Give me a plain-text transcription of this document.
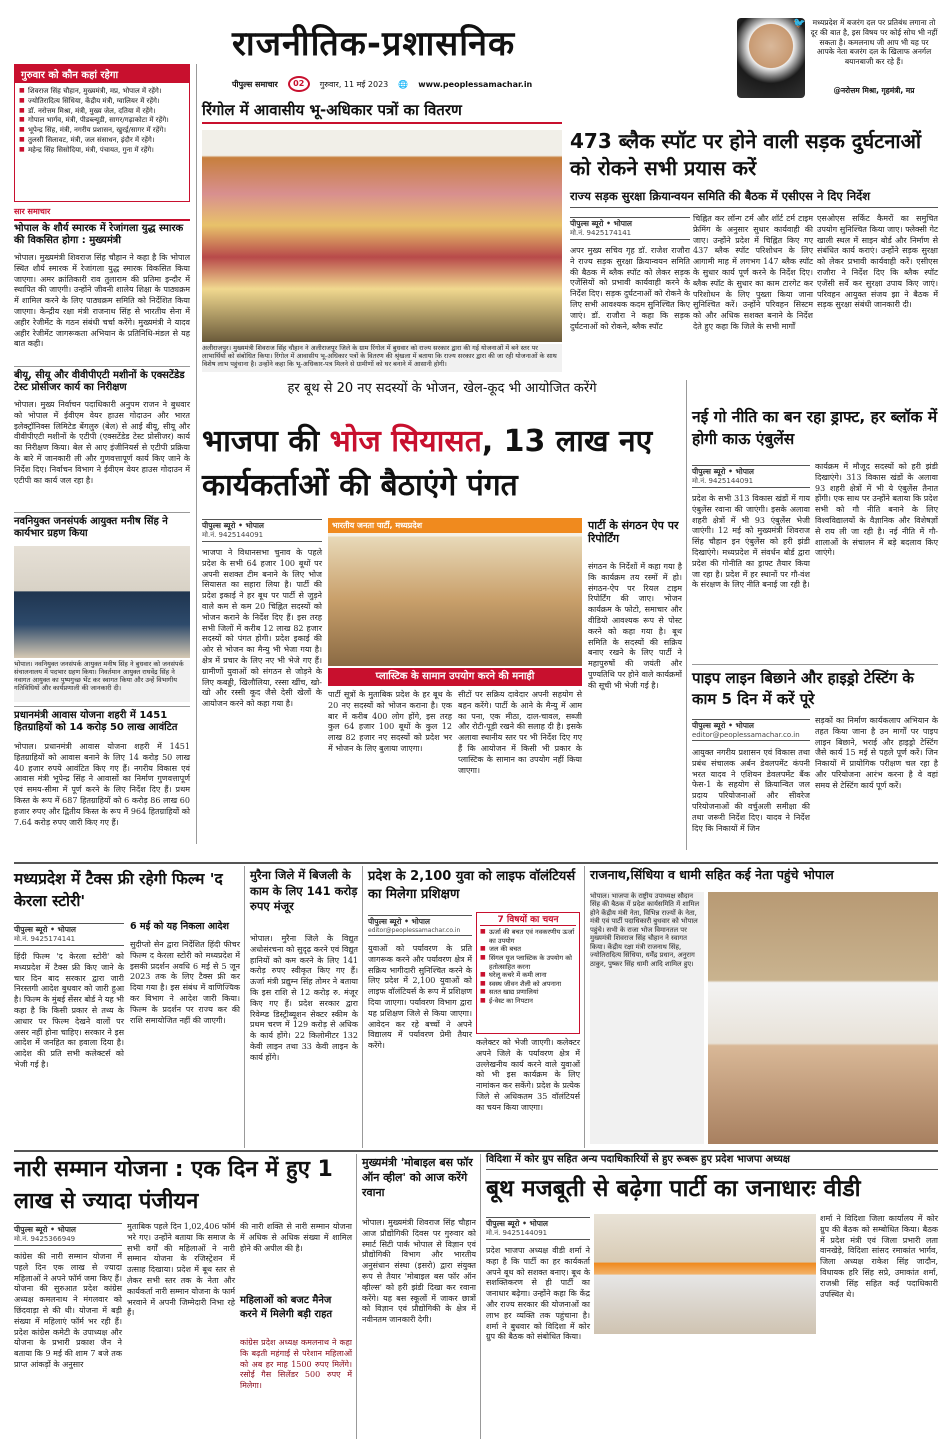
राजनीतिक-प्रशासनिक
पीपुल्स समाचार	02	गुरुवार, 11 मई 2023 🌐 www.peoplessamachar.in
🐦 मध्यप्रदेश में बजरंग दल पर प्रतिबंध लगाना तो दूर की बात है, इस विषय पर कोई सोच भी नहीं सकता है। कमलनाथ जी आप भी यह पर आपके नेता बजरंग दल के खिलाफ अनर्गल बयानबाजी कर रहे हैं।
@नरोत्तम मिश्रा, गृहमंत्री, मप्र
गुरुवार को कौन कहां रहेगा
■ शिवराज सिंह चौहान, मुख्यमंत्री, मप्र, भोपाल में रहेंगे।
■ ज्योतिरादित्य सिंधिया, केंद्रीय मंत्री, ग्वालियर में रहेंगे।
■ डॉ. नरोत्तम मिश्रा, मंत्री, मुख्य जेल, दतिया में रहेंगे।
■ गोपाल भार्गव, मंत्री, पीडब्ल्यूडी, सागर/गढ़ाकोटा में रहेंगे।
■ भूपेन्द्र सिंह, मंत्री, नगरीय प्रशासन, खुरई/सागर में रहेंगे।
■ तुलसी सिलावट, मंत्री, जल संसाधन, इंदौर में रहेंगे।
■ महेन्द्र सिंह सिसोदिया, मंत्री, पंचायत, गुना में रहेंगे।
सार समाचार
भोपाल के शौर्य स्मारक में रेजांगला युद्ध स्मारक की विकसित होगा : मुख्यमंत्री
भोपाल। मुख्यमंत्री शिवराज सिंह चौहान ने कहा है कि भोपाल स्थित शौर्य स्मारक में रेजांगला युद्ध स्मारक विकसित किया जाएगा। अमर क्रांतिकारी राव तुलाराम की प्रतिमा इन्दौर में स्थापित की जाएगी। उन्होंने जीवनी शालेय शिक्षा के पाठ्यक्रम में शामिल करने के लिए पाठ्यक्रम समिति को निर्देशित किया जाएगा। केन्द्रीय रक्षा मंत्री राजनाथ सिंह से भारतीय सेना में अहीर रेजीमेंट के गठन संबंधी चर्चा करेंगे। मुख्यमंत्री ने यादव अहीर रेजीमेंट जागरूकता अभियान के प्रतिनिधि-मंडल से यह बात कही।
बीयू, सीयू और वीवीपीएटी मशीनों के एक्सटेंडेड टेस्ट प्रोसीजर कार्य का निरीक्षण
भोपाल। मुख्य निर्वाचन पदाधिकारी अनुपम राजन ने बुधवार को भोपाल में ईवीएम वेयर हाउस गोदाउन और भारत इलेक्ट्रॉनिक्स लिमिटेड बेंगलुरु (बेल) से आईं बीयू, सीयू और वीवीपीएटी मशीनों के एटीपी (एक्सटेंडेड टेस्ट प्रोसीजर) कार्य का निरीक्षण किया। बेल से आए इंजीनियर्स से एटीपी प्रक्रिया के बारे में जानकारी ली और गुणवत्तापूर्ण कार्य किए जाने के निर्देश दिए। निर्वाचन विभाग ने ईवीएम वेयर हाउस गोदाउन में एटीपी का कार्य जल रहा है।
नवनियुक्त जनसंपर्क आयुक्त मनीष सिंह ने कार्यभार ग्रहण किया
भोपाल। नवनियुक्त जनसंपर्क आयुक्त मनीष सिंह ने बुधवार को जनसंपर्क संचालनालय में पदभार ग्रहण किया। निवर्तमान आयुक्त राघवेंद्र सिंह ने नवागत आयुक्त का पुष्पगुच्छ भेंट कर स्वागत किया और उन्हें विभागीय गतिविधियों और कार्यप्रणाली की जानकारी दी।
प्रधानमंत्री आवास योजना शहरी में 1451 हितग्राहियों को 14 करोड़ 50 लाख आवंटित
भोपाल। प्रधानमंत्री आवास योजना शहरी में 1451 हितग्राहियों को आवास बनाने के लिए 14 करोड़ 50 लाख 40 हजार रुपये आवंटित किए गए हैं। नगरीय विकास एवं आवास मंत्री भूपेन्द्र सिंह ने आवासों का निर्माण गुणवत्तापूर्ण एवं समय-सीमा में पूर्ण करने के लिए निर्देश दिए हैं। प्रथम किस्त के रूप में 687 हितग्राहियों को 6 करोड़ 86 लाख 60 हजार रुपए और द्वितीय किस्त के रूप में 964 हितग्राहियों को 7.64 करोड़ रुपए जारी किए गए हैं।
रिंगोल में आवासीय भू-अधिकार पत्रों का वितरण
अलीराजपुर। मुख्यमंत्री शिवराज सिंह चौहान ने अलीराजपुर जिले के ग्राम रिंगोल में बुधवार को राज्य सरकार द्वारा की गई योजनाओं में बने स्तर पर लाभार्थियों को संबोधित किया। रिंगोल में आवासीय भू-अधिकार पत्रों के वितरण की श्रृंखला में बताया कि राज्य सरकार द्वारा की जा रही योजनाओं के साथ विशेष लाभ पहुंचाना है। उन्होंने कहा कि भू-अधिकार-पत्र मिलने से ग्रामीणों को घर बनाने में आसानी होगी।
473 ब्लैक स्पॉट पर होने वाली सड़क दुर्घटनाओं को रोकने सभी प्रयास करें
राज्य सड़क सुरक्षा क्रियान्वयन समिति की बैठक में एसीएस ने दिए निर्देश
पीपुल्स ब्यूरो • भोपाल
मो.नं. 9425174141
अपर मुख्य सचिव गृह डॉ. राजेश राजौरा ने राज्य सड़क सुरक्षा क्रियान्वयन समिति की बैठक में ब्लैक स्पॉट को लेकर सड़क एजेंसियों को प्रभावी कार्यवाही करने के निर्देश दिए। सड़क दुर्घटनाओं को रोकने के लिए सभी आवश्यक कदम सुनिश्चित किए जाएं। डॉ. राजौरा ने कहा कि सड़क दुर्घटनाओं को रोकने, ब्लैक स्पॉट
चिह्नित कर लॉन्ग टर्म और शॉर्ट टर्म टाइम फ्रेमिंग के अनुसार सुधार कार्यवाही की जाए। उन्होंने प्रदेश में चिह्नित किए गए 437 ब्लैक स्पॉट परिशोधन के लिए आगामी माह में लगभग 147 ब्लैक स्पॉट के सुधार कार्य पूर्ण करने के निर्देश दिए। ब्लैक स्पॉट के सुधार का काम टारगेट कर परिशोधन के लिए पुख्ता किया जाना सुनिश्चित करें। उन्होंने परिवहन सिस्टम को और अधिक सशक्त बनाने के निर्देश देते हुए कहा कि जिले के सभी मार्गों
एसओएस सर्किट कैमरों का समुचित उपयोग सुनिश्चित किया जाए। फ्लेक्सी गेट खाली स्थल में साइन बोर्ड और निर्माण से संबंधित कार्य कराएं। उन्होंने सड़क सुरक्षा को लेकर प्रभावी कार्यवाही करें। एसीएस राजौरा ने निर्देश दिए कि ब्लैक स्पॉट एजेंसी सर्वे कर सुरक्षा उपाय किए जाएं। परिवहन आयुक्त संजय झा ने बैठक में सड़क सुरक्षा संबंधी जानकारी दी।
हर बूथ से 20 नए सदस्यों के भोजन, खेल-कूद भी आयोजित करेंगे
भाजपा की भोज सियासत, 13 लाख नए कार्यकर्ताओं की बैठाएंगे पंगत
पीपुल्स ब्यूरो • भोपाल
मो.नं. 9425144091
भाजपा ने विधानसभा चुनाव के पहले प्रदेश के सभी 64 हजार 100 बूथों पर अपनी सशक्त टीम बनाने के लिए भोज सियासत का सहारा लिया है। पार्टी की प्रदेश इकाई ने हर बूथ पर पार्टी से जुड़ने वाले कम से कम 20 चिह्नित सदस्यों को भोजन कराने के निर्देश दिए हैं। इस तरह सभी जिलों में करीब 12 लाख 82 हजार सदस्यों को पंगत होगी। प्रदेश इकाई की ओर से भोजन का मैन्यु भी भेजा गया है। क्षेत्र में प्रचार के लिए नए भी भेजे गए हैं। ग्रामीणों युवाओं को संगठन से जोड़ने के लिए कबड्डी, खिलौलिया, रस्सा खींच, खो-खो और रस्सी कूद जैसे देसी खेलों के आयोजन करने को कहा गया है।
भारतीय जनता पार्टी, मध्यप्रदेश
प्लास्टिक के सामान उपयोग करने की मनाही
पार्टी सूत्रों के मुताबिक प्रदेश के हर बूथ के 20 नए सदस्यों को भोजन कराना है। एक बार में करीब 400 लोग होंगे, इस तरह कुल 64 हजार 100 बूथों के कुल 12 लाख 82 हजार नए सदस्यों को प्रदेश भर में भोजन के लिए बुलाया जाएगा।
सीटों पर सक्रिय दावेदार अपनी सहयोग से बहन करेंगे। पार्टी के आने के मैन्यु में आम का पना, एक मीठा, दाल-चावल, सब्जी और रोटी-पूड़ी रखने की सलाह दी है। इसके अलावा स्थानीय स्तर पर भी निर्देश दिए गए हैं कि आयोजन में किसी भी प्रकार के प्लास्टिक के सामान का उपयोग नहीं किया जाएगा।
पार्टी के संगठन ऐप पर रिपोर्टिंग
संगठन के निर्देशों में कहा गया है कि कार्यक्रम तय रस्मों में हो। संगठन-ऐप पर रियल टाइम रिपोर्टिंग की जाए। भोजन कार्यक्रम के फोटो, समाचार और वीडियो आवश्यक रूप से पोस्ट करने को कहा गया है। बूथ समिति के सदस्यों की सक्रिय बनाए रखने के लिए पार्टी ने महापुरुषों की जयंती और पुण्यतिथि पर होने वाले कार्यक्रमों की सूची भी भेजी गई है।
नई गो नीति का बन रहा ड्राफ्ट, हर ब्लॉक में होगी काऊ एंबुलेंस
पीपुल्स ब्यूरो • भोपाल
मो.नं. 9425144091
प्रदेश के सभी 313 विकास खंडों में गाय एंबुलेंस रवाना की जाएंगी। इसके अलावा शहरी क्षेत्रों में भी 93 एंबुलेंस भेजी जाएंगी। 12 मई को मुख्यमंत्री शिवराज सिंह चौहान इन एंबुलेंस को हरी झंडी दिखाएंगे। मध्यप्रदेश में संवर्धन बोर्ड द्वारा प्रदेश की गोनीति का ड्राफ्ट तैयार किया जा रहा है। प्रदेश में हर स्थानों पर गौ-वंश के संरक्षण के लिए नीति बनाई जा रही है।
कार्यक्रम में मौजूद सदस्यों को हरी झंडी दिखाएंगे। 313 विकास खंडों के अलावा 93 शहरी क्षेत्रों में भी ये एंबुलेंस तैनात होंगी। एक साथ पर उन्होंने बताया कि प्रदेश सभी को गौ नीति बनाने के लिए विश्वविद्यालयों के वैज्ञानिक और विशेषज्ञों से राय ली जा रही है। नई नीति में गौ-शालाओं के संचालन में बड़े बदलाव किए जाएंगे।
पाइप लाइन बिछाने और हाइड्रो टेस्टिंग के काम 5 दिन में करें पूरे
पीपुल्स ब्यूरो • भोपाल
editor@peoplessamachar.co.in
आयुक्त नगरीय प्रशासन एवं विकास तथा प्रबंध संचालक अर्बन डेवलपमेंट कंपनी भरत यादव ने एशियन डेवलपमेंट बैंक फेस-1 के सहयोग से क्रियान्वित जल प्रदाय परियोजनाओं और सीवरेज परियोजनाओं की वर्चुअली समीक्षा की तथा जरूरी निर्देश दिए। यादव ने निर्देश दिए कि निकायों में जिन
सड़कों का निर्माण कार्यकलाप अभियान के तहत किया जाना है उन मार्गों पर पाइप लाइन बिछाने, भराई और हाइड्रो टेस्टिंग जैसे कार्य 15 मई से पहले पूर्ण करें। जिन निकायों में प्रायोगिक परीक्षण चल रहा है और परियोजना आरंभ करना है वे वहां समय से टेस्टिंग कार्य पूर्ण करें।
मध्यप्रदेश में टैक्स फ्री रहेगी फिल्म 'द केरला स्टोरी'
पीपुल्स ब्यूरो • भोपाल
मो.नं. 9425174141
हिंदी फिल्म 'द केरला स्टोरी' को मध्यप्रदेश में टैक्स फ्री किए जाने के चार दिन बाद सरकार द्वारा जारी निरस्तगी आदेश बुधवार को जारी हुआ है। फिल्म के मुंबई सेंसर बोर्ड ने यह भी कहा है कि किसी प्रकार से तथ्य के आधार पर फिल्म देखने वालों पर असर नहीं होना चाहिए। सरकार ने इस आदेश में जनहित का हवाला दिया है। आदेश की प्रति सभी कलेक्टर्स को भेजी गई है।
6 मई को यह निकला आदेश
सुदीप्तो सेन द्वारा निर्देशित हिंदी फीचर फिल्म द केरला स्टोरी को मध्यप्रदेश में इसकी प्रदर्शन अवधि 6 मई से 5 जून 2023 तक के लिए टैक्स फ्री कर दिया गया है। इस संबंध में वाणिज्यिक कर विभाग ने आदेश जारी किया। फिल्म के प्रदर्शन पर राज्य कर की राशि समायोजित नहीं की जाएगी।
मुरैना जिले में बिजली के काम के लिए 141 करोड़ रुपए मंजूर
भोपाल। मुरैना जिले के विद्युत अधोसंरचना को सुदृढ़ करने एवं विद्युत हानियों को कम करने के लिए 141 करोड़ रुपए स्वीकृत किए गए हैं। ऊर्जा मंत्री प्रद्युम्न सिंह तोमर ने बताया कि इस राशि से 12 करोड़ रु. मंजूर किए गए हैं। प्रदेश सरकार द्वारा रिवेम्प्ड डिस्ट्रीब्यूशन सेक्टर स्कीम के प्रथम चरण में 129 करोड़ से अधिक के कार्य होंगे। 22 किलोमीटर 132 केवी लाइन तथा 33 केवी लाइन के कार्य होंगे।
प्रदेश के 2,100 युवा को लाइफ वॉलंटियर्स का मिलेगा प्रशिक्षण
पीपुल्स ब्यूरो • भोपाल
editor@peoplessamachar.co.in
युवाओं को पर्यावरण के प्रति जागरूक करने और पर्यावरण क्षेत्र में सक्रिय भागीदारी सुनिश्चित करने के लिए प्रदेश में 2,100 युवाओं को लाइफ वॉलंटियर्स के रूप में प्रशिक्षण दिया जाएगा। पर्यावरण विभाग द्वारा यह प्रशिक्षण जिले से किया जाएगा। आवेदन कर रहे बच्चों ने अपने विद्यालय में पर्यावरण प्रेमी तैयार करेंगे।
7 विषयों का चयन
■ ऊर्जा की बचत एवं नवकरणीय ऊर्जा का उपयोग
■ जल की बचत
■ सिंगल यूज प्लास्टिक के उपयोग को हतोत्साहित करना
■ घरेलू कचरे में कमी लाना
■ स्वस्थ जीवन शैली को अपनाना
■ सतत खाद्य प्रणालियां
■ ई-वेस्ट का निपटान
कलेक्टर को भेजी जाएगी। कलेक्टर अपने जिले के पर्यावरण क्षेत्र में उल्लेखनीय कार्य करने वाले युवाओं को भी इस कार्यक्रम के लिए नामांकन कर सकेंगे। प्रदेश के प्रत्येक जिले से अधिकतम 35 वॉलंटियर्स का चयन किया जाएगा।
राजनाथ,सिंधिया व धामी सहित कई नेता पहुंचे भोपाल
भोपाल। भाजपा के राष्ट्रीय उपाध्यक्ष सौदान सिंह की बैठक में प्रदेश कार्यसमिति में शामिल होने केंद्रीय मंत्री नेता, विभिन्न राज्यों के नेता, मंत्री एवं पार्टी पदाधिकारी बुधवार को भोपाल पहुंचे। सभी के राजा भोज विमानतल पर मुख्यमंत्री शिवराज सिंह चौहान ने स्वागत किया। केंद्रीय रक्षा मंत्री राजनाथ सिंह, ज्योतिरादित्य सिंधिया, धर्मेंद्र प्रधान, अनुराग ठाकुर, पुष्कर सिंह धामी आदि शामिल हुए।
नारी सम्मान योजना : एक दिन में हुए 1 लाख से ज्यादा पंजीयन
पीपुल्स ब्यूरो • भोपाल
मो.नं. 9425366949
कांग्रेस की नारी सम्मान योजना में पहले दिन एक लाख से ज्यादा महिलाओं ने अपने फॉर्म जमा किए हैं। योजना की सुरुआत प्रदेश कांग्रेस अध्यक्ष कमलनाथ ने मंगलवार को छिंदवाड़ा से की थी। योजना में बड़ी संख्या में महिलाएं फॉर्म भर रही हैं। प्रदेश कांग्रेस कमेटी के उपाध्यक्ष और योजना के प्रभारी प्रकाश जैन ने बताया कि 9 मई की शाम 7 बजे तक प्राप्त आंकड़ों के अनुसार
मुताबिक पहले दिन 1,02,406 फॉर्म भरे गए। उन्होंने बताया कि समाज के सभी वर्गों की महिलाओं ने नारी सम्मान योजना के रजिस्ट्रेशन में उत्साह दिखाया। प्रदेश में बूथ स्तर से लेकर सभी स्तर तक के नेता और कार्यकर्ता नारी सम्मान योजना के फार्म भरवाने में अपनी जिम्मेदारी निभा रहे हैं।
की नारी शक्ति से नारी सम्मान योजना में अधिक से अधिक संख्या में शामिल होने की अपील की है।
महिलाओं को बजट मैनेज करने में मिलेगी बड़ी राहत
कांग्रेस प्रदेश अध्यक्ष कमलनाथ ने कहा कि बढ़ती महंगाई से परेशान महिलाओं को अब हर माह 1500 रुपए मिलेंगे। रसोई गैस सिलेंडर 500 रुपए में मिलेगा।
मुख्यमंत्री 'मोबाइल बस फॉर ऑन व्हील' को आज करेंगे रवाना
भोपाल। मुख्यमंत्री शिवराज सिंह चौहान आज प्रौद्योगिकी दिवस पर गुरुवार को स्मार्ट सिटी पार्क भोपाल से विज्ञान एवं प्रौद्योगिकी विभाग और भारतीय अनुसंधान संस्था (इसरो) द्वारा संयुक्त रूप से तैयार 'मोबाइल बस फॉर ऑन व्हील्स' को हरी झंडी दिखा कर रवाना करेंगे। यह बस स्कूलों में जाकर छात्रों को विज्ञान एवं प्रौद्योगिकी के क्षेत्र में नवीनतम जानकारी देगी।
विदिशा में कोर ग्रुप सहित अन्य पदाधिकारियों से हुए रूबरू हुए प्रदेश भाजपा अध्यक्ष
बूथ मजबूती से बढ़ेगा पार्टी का जनाधारः वीडी
पीपुल्स ब्यूरो • भोपाल
मो.नं. 9425144091
प्रदेश भाजपा अध्यक्ष वीडी शर्मा ने कहा है कि पार्टी का हर कार्यकर्ता अपने बूथ को सशक्त बनाए। बूथ के सशक्तिकरण से ही पार्टी का जनाधार बढ़ेगा। उन्होंने कहा कि केंद्र और राज्य सरकार की योजनाओं का लाभ हर व्यक्ति तक पहुंचाना है। शर्मा ने बुधवार को विदिशा में कोर ग्रुप की बैठक को संबोधित किया।
शर्मा ने विदिशा जिला कार्यालय में कोर ग्रुप की बैठक को सम्बोधित किया। बैठक में प्रदेश मंत्री एवं जिला प्रभारी लता वानखेड़े, विदिशा सांसद रमाकांत भार्गव, जिला अध्यक्ष राकेश सिंह जादौन, विधायक हरि सिंह सप्रे, उमाकांत शर्मा, राजश्री सिंह सहित कई पदाधिकारी उपस्थित थे।
